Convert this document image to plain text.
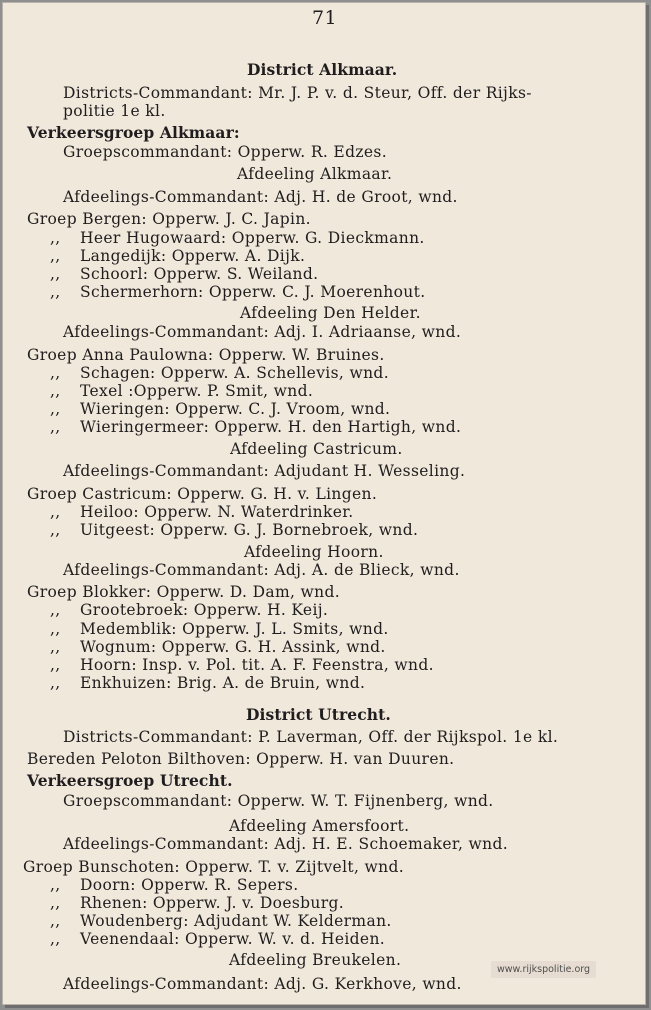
71
District Alkmaar.
Districts-Commandant: Mr. J. P. v. d. Steur, Off. der Rijks-
politie 1e kl.
Verkeersgroep Alkmaar:
Groepscommandant: Opperw. R. Edzes.
Afdeeling Alkmaar.
Afdeelings-Commandant: Adj. H. de Groot, wnd.
Groep Bergen: Opperw. J. C. Japin.
,, Heer Hugowaard: Opperw. G. Dieckmann.
,, Langedijk: Opperw. A. Dijk.
,, Schoorl: Opperw. S. Weiland.
,, Schermerhorn: Opperw. C. J. Moerenhout.
Afdeeling Den Helder.
Afdeelings-Commandant: Adj. I. Adriaanse, wnd.
Groep Anna Paulowna: Opperw. W. Bruines.
,, Schagen: Opperw. A. Schellevis, wnd.
,, Texel :Opperw. P. Smit, wnd.
,, Wieringen: Opperw. C. J. Vroom, wnd.
,, Wieringermeer: Opperw. H. den Hartigh, wnd.
Afdeeling Castricum.
Afdeelings-Commandant: Adjudant H. Wesseling.
Groep Castricum: Opperw. G. H. v. Lingen.
,, Heiloo: Opperw. N. Waterdrinker.
,, Uitgeest: Opperw. G. J. Bornebroek, wnd.
Afdeeling Hoorn.
Afdeelings-Commandant: Adj. A. de Blieck, wnd.
Groep Blokker: Opperw. D. Dam, wnd.
,, Grootebroek: Opperw. H. Keij.
,, Medemblik: Opperw. J. L. Smits, wnd.
,, Wognum: Opperw. G. H. Assink, wnd.
,, Hoorn: Insp. v. Pol. tit. A. F. Feenstra, wnd.
,, Enkhuizen: Brig. A. de Bruin, wnd.
District Utrecht.
Districts-Commandant: P. Laverman, Off. der Rijkspol. 1e kl.
Bereden Peloton Bilthoven: Opperw. H. van Duuren.
Verkeersgroep Utrecht.
Groepscommandant: Opperw. W. T. Fijnenberg, wnd.
Afdeeling Amersfoort.
Afdeelings-Commandant: Adj. H. E. Schoemaker, wnd.
Groep Bunschoten: Opperw. T. v. Zijtvelt, wnd.
,, Doorn: Opperw. R. Sepers.
,, Rhenen: Opperw. J. v. Doesburg.
,, Woudenberg: Adjudant W. Kelderman.
,, Veenendaal: Opperw. W. v. d. Heiden.
Afdeeling Breukelen.
Afdeelings-Commandant: Adj. G. Kerkhove, wnd.
www.rijkspolitie.org
